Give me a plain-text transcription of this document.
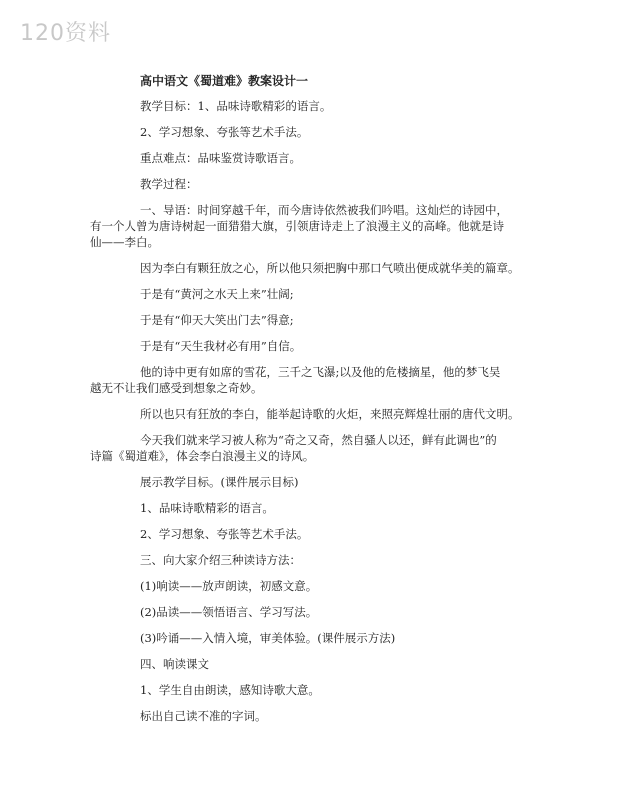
120资料
高中语文《蜀道难》教案设计一
教学目标：1、品味诗歌精彩的语言。
2、学习想象、夸张等艺术手法。
重点难点：品味鉴赏诗歌语言。
教学过程：
一、导语：时间穿越千年，而今唐诗依然被我们吟唱。这灿烂的诗园中，
有一个人曾为唐诗树起一面猎猎大旗，引领唐诗走上了浪漫主义的高峰。他就是诗
仙——李白。
因为李白有颗狂放之心，所以他只须把胸中那口气喷出便成就华美的篇章。
于是有“黄河之水天上来”壮阔;
于是有“仰天大笑出门去”得意;
于是有“天生我材必有用”自信。
他的诗中更有如席的雪花，三千之飞瀑;以及他的危楼摘星，他的梦飞吴
越无不让我们感受到想象之奇妙。
所以也只有狂放的李白，能举起诗歌的火炬，来照亮辉煌壮丽的唐代文明。
今天我们就来学习被人称为“奇之又奇，然自骚人以还，鲜有此调也”的
诗篇《蜀道难》，体会李白浪漫主义的诗风。
展示教学目标。(课件展示目标)
1、品味诗歌精彩的语言。
2、学习想象、夸张等艺术手法。
三、向大家介绍三种读诗方法：
(1)响读——放声朗读，初感文意。
(2)品读——领悟语言、学习写法。
(3)吟诵——入情入境，审美体验。(课件展示方法)
四、响读课文
1、学生自由朗读，感知诗歌大意。
标出自己读不准的字词。
